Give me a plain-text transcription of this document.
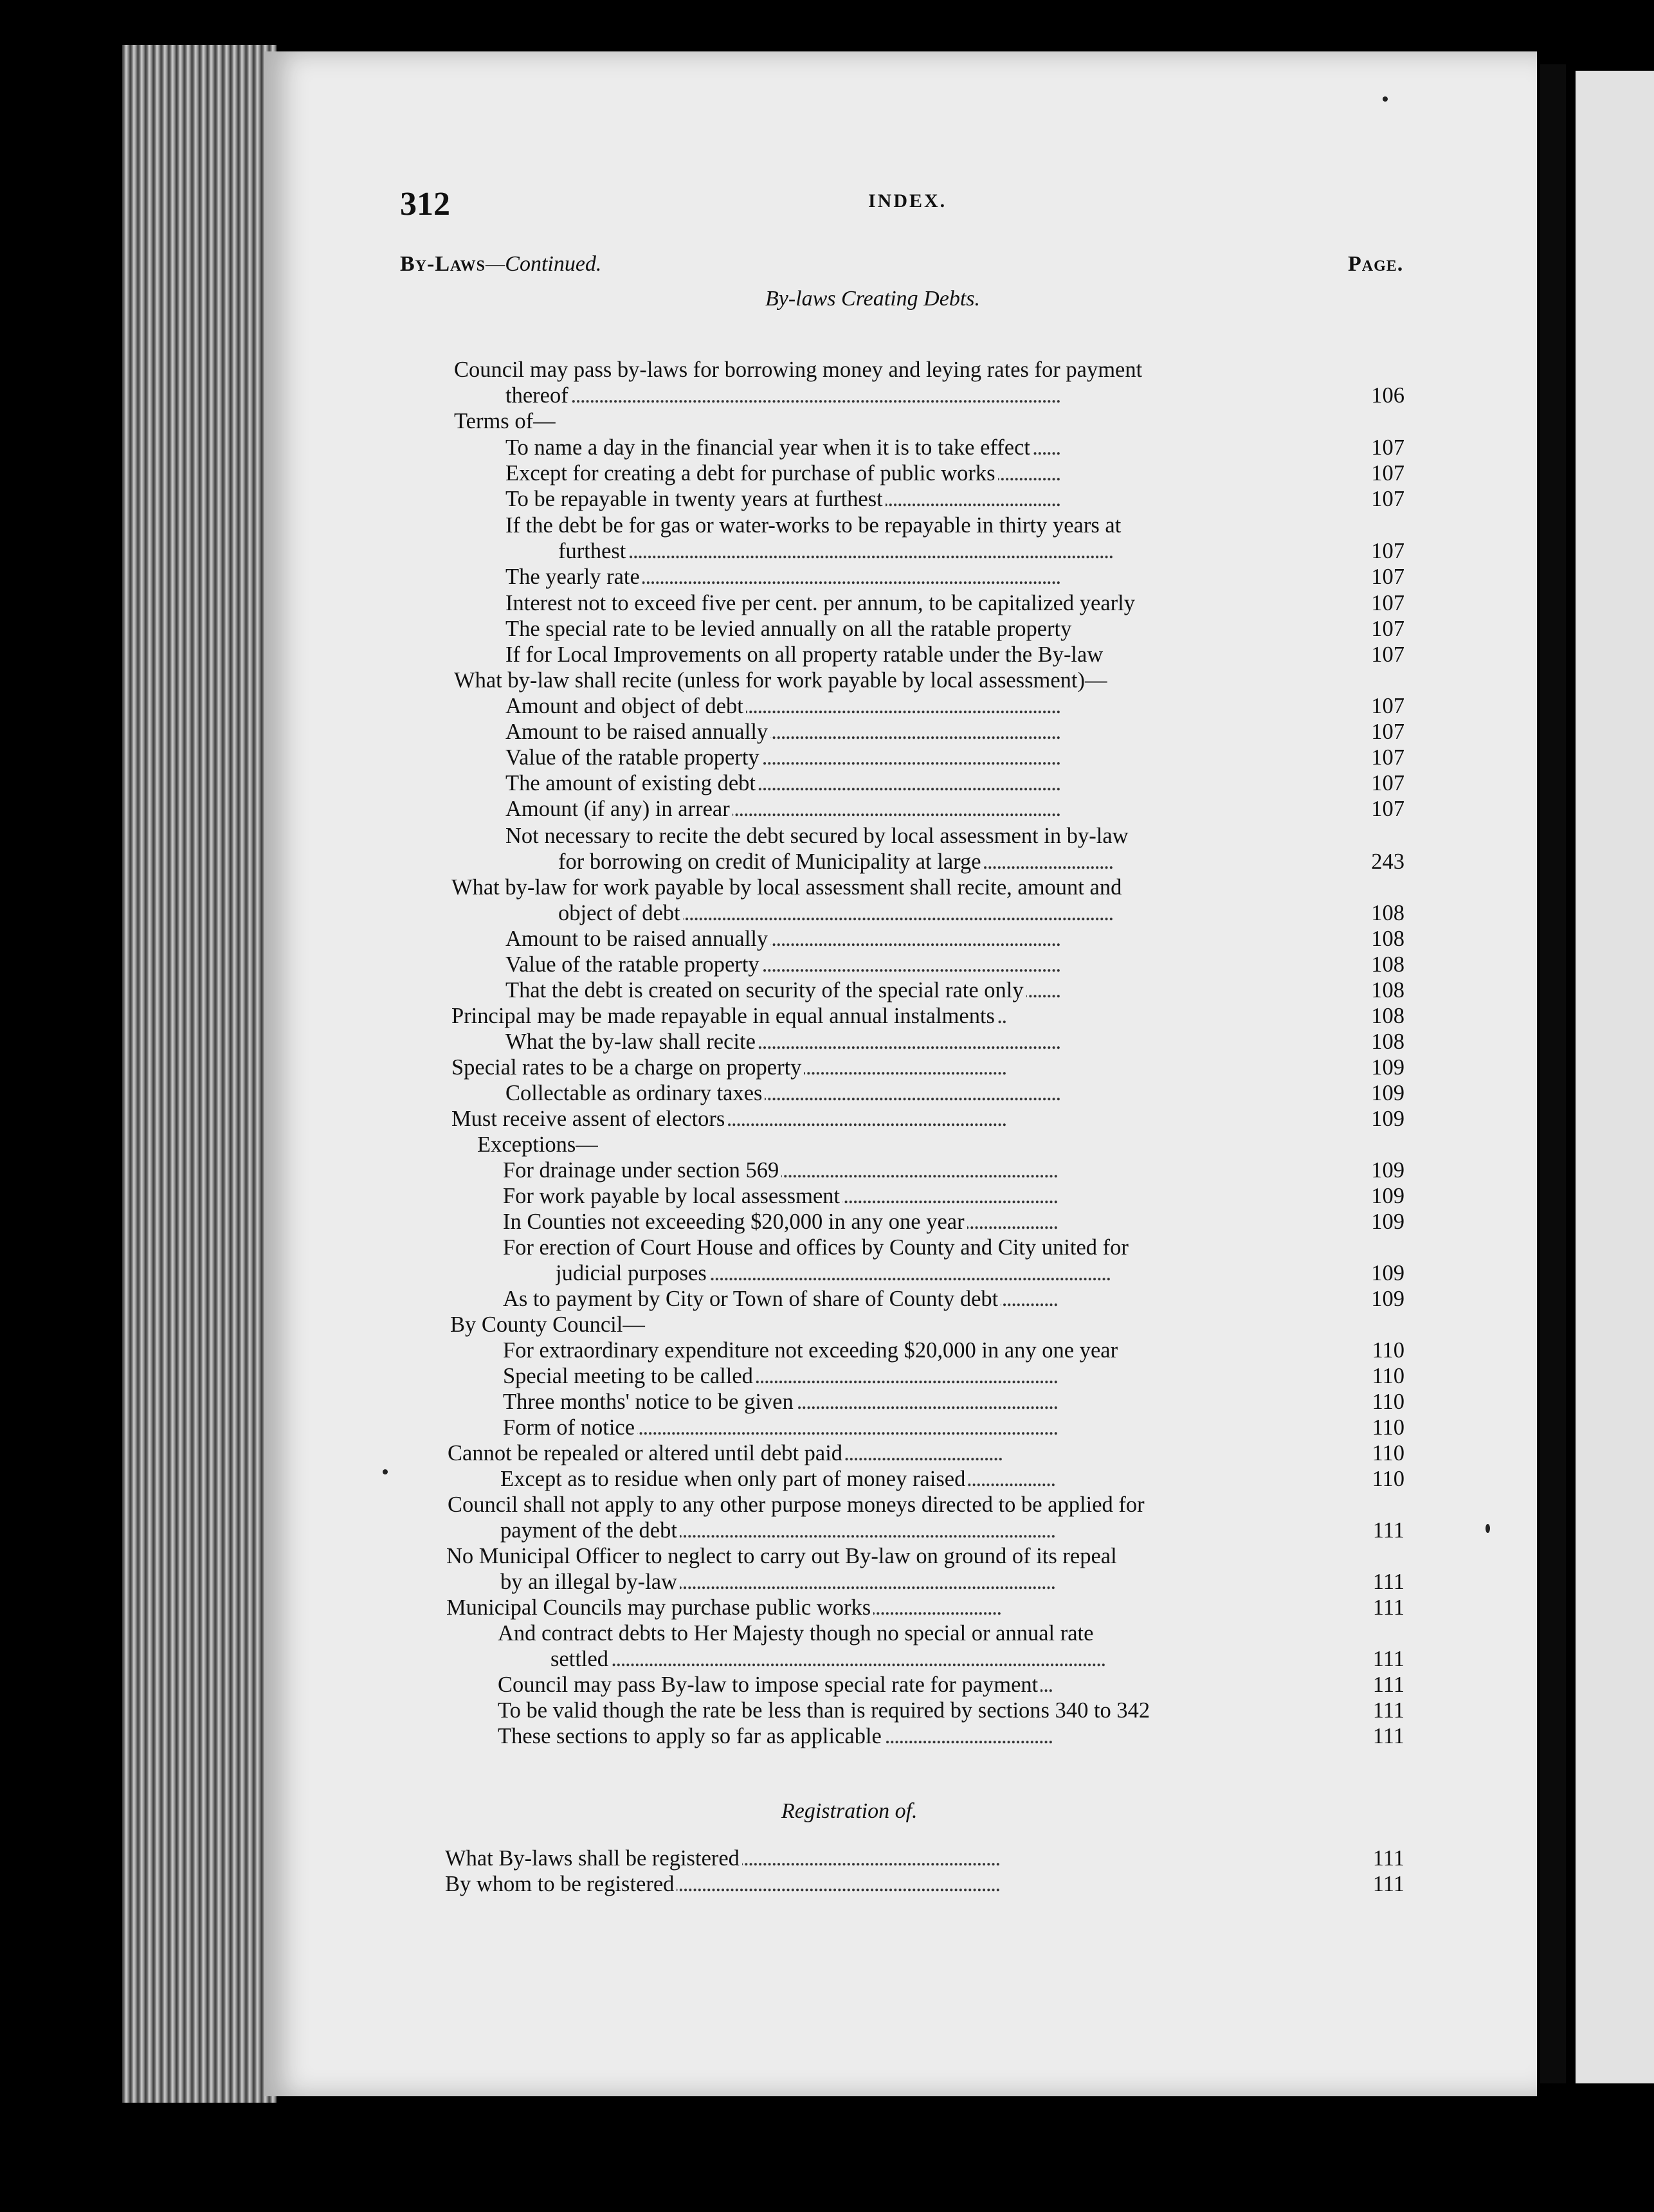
312	INDEX.
By-Laws—Continued.	Page.
By-laws Creating Debts.
Registration of.
Council may pass by-laws for borrowing money and leying rates for payment
. . . thereof	106
Terms of—
. . . To name a day in the financial year when it is to take effect	107
. . . Except for creating a debt for purchase of public works	107
. . . To be repayable in twenty years at furthest	107
If the debt be for gas or water-works to be repayable in thirty years at
. . . furthest	107
. . . The yearly rate	107
. . . Interest not to exceed five per cent. per annum, to be capitalized yearly	107
. . . The special rate to be levied annually on all the ratable property	107
. . . If for Local Improvements on all property ratable under the By-law	107
What by-law shall recite (unless for work payable by local assessment)—
. . . Amount and object of debt	107
. . . Amount to be raised annually	107
. . . Value of the ratable property	107
. . . The amount of existing debt	107
. . . Amount (if any) in arrear	107
Not necessary to recite the debt secured by local assessment in by-law
. . . for borrowing on credit of Municipality at large	243
What by-law for work payable by local assessment shall recite, amount and
. . . object of debt	108
. . . Amount to be raised annually	108
. . . Value of the ratable property	108
. . . That the debt is created on security of the special rate only	108
. . . Principal may be made repayable in equal annual instalments	108
. . . What the by-law shall recite	108
. . . Special rates to be a charge on property	109
. . . Collectable as ordinary taxes	109
. . . Must receive assent of electors	109
Exceptions—
. . . For drainage under section 569	109
. . . For work payable by local assessment	109
. . . In Counties not exceeeding $20,000 in any one year	109
For erection of Court House and offices by County and City united for
. . . judicial purposes	109
. . . As to payment by City or Town of share of County debt	109
By County Council—
. . . For extraordinary expenditure not exceeding $20,000 in any one year	110
. . . Special meeting to be called	110
. . . Three months' notice to be given	110
. . . Form of notice	110
. . . Cannot be repealed or altered until debt paid	110
. . . Except as to residue when only part of money raised	110
Council shall not apply to any other purpose moneys directed to be applied for
. . . payment of the debt	111
No Municipal Officer to neglect to carry out By-law on ground of its repeal
. . . by an illegal by-law	111
. . . Municipal Councils may purchase public works	111
And contract debts to Her Majesty though no special or annual rate
. . . settled	111
. . . Council may pass By-law to impose special rate for payment	111
. . . To be valid though the rate be less than is required by sections 340 to 342	111
. . . These sections to apply so far as applicable	111
. . . What By-laws shall be registered	111
. . . By whom to be registered	111
